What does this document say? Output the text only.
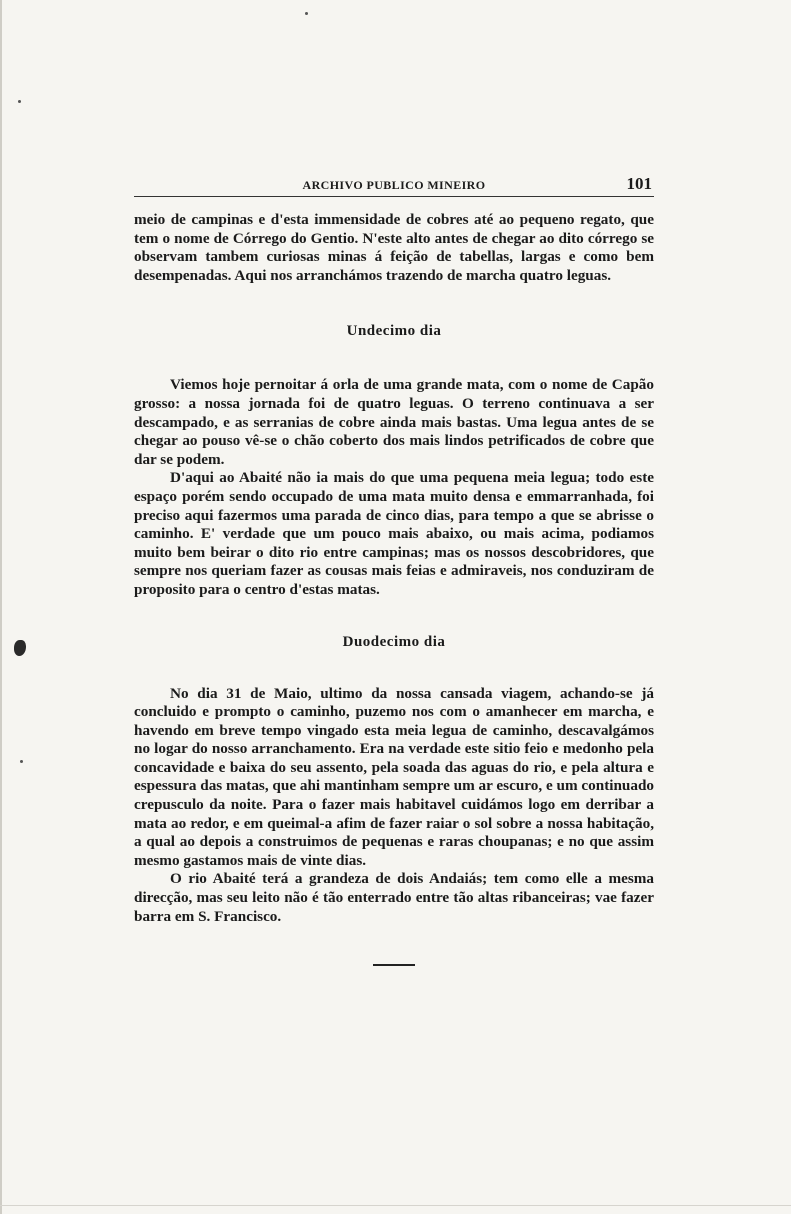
ARCHIVO PUBLICO MINEIRO	101

meio de campinas e d'esta immensidade de cobres até ao pequeno regato, que tem o nome de Córrego do Gentio. N'este alto antes de chegar ao dito córrego se observam tambem curiosas minas á feição de tabellas, largas e como bem desempenadas. Aqui nos arranchámos trazendo de marcha quatro leguas.

Undecimo dia

Viemos hoje pernoitar á orla de uma grande mata, com o nome de Capão grosso: a nossa jornada foi de quatro leguas. O terreno continuava a ser descampado, e as serranias de cobre ainda mais bastas. Uma legua antes de se chegar ao pouso vê-se o chão coberto dos mais lindos petrificados de cobre que dar se podem.

D'aqui ao Abaité não ia mais do que uma pequena meia legua; todo este espaço porém sendo occupado de uma mata muito densa e emmarranhada, foi preciso aqui fazermos uma parada de cinco dias, para tempo a que se abrisse o caminho. E' verdade que um pouco mais abaixo, ou mais acima, podiamos muito bem beirar o dito rio entre campinas; mas os nossos descobridores, que sempre nos queriam fazer as cousas mais feias e admiraveis, nos conduziram de proposito para o centro d'estas matas.

Duodecimo dia

No dia 31 de Maio, ultimo da nossa cansada viagem, achando-se já concluido e prompto o caminho, puzemo nos com o amanhecer em marcha, e havendo em breve tempo vingado esta meia legua de caminho, descavalgámos no logar do nosso arranchamento. Era na verdade este sitio feio e medonho pela concavidade e baixa do seu assento, pela soada das aguas do rio, e pela altura e espessura das matas, que ahi mantinham sempre um ar escuro, e um continuado crepusculo da noite. Para o fazer mais habitavel cuidámos logo em derribar a mata ao redor, e em queimal-a afim de fazer raiar o sol sobre a nossa habitação, a qual ao depois a construimos de pequenas e raras choupanas; e no que assim mesmo gastamos mais de vinte dias.

O rio Abaité terá a grandeza de dois Andaiás; tem como elle a mesma direcção, mas seu leito não é tão enterrado entre tão altas ribanceiras; vae fazer barra em S. Francisco.
